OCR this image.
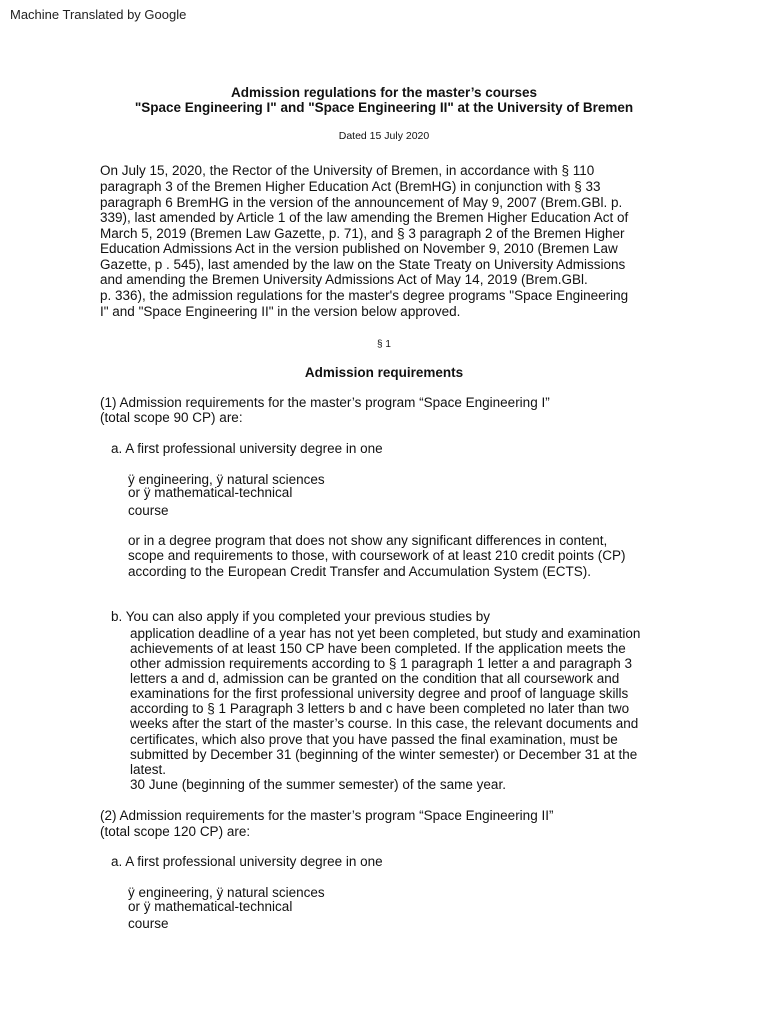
Machine Translated by Google
Admission regulations for the master’s courses
"Space Engineering I" and "Space Engineering II" at the University of Bremen
Dated 15 July 2020
On July 15, 2020, the Rector of the University of Bremen, in accordance with § 110
paragraph 3 of the Bremen Higher Education Act (BremHG) in conjunction with § 33
paragraph 6 BremHG in the version of the announcement of May 9, 2007 (Brem.GBl. p.
339), last amended by Article 1 of the law amending the Bremen Higher Education Act of
March 5, 2019 (Bremen Law Gazette, p. 71), and § 3 paragraph 2 of the Bremen Higher
Education Admissions Act in the version published on November 9, 2010 (Bremen Law
Gazette, p . 545), last amended by the law on the State Treaty on University Admissions
and amending the Bremen University Admissions Act of May 14, 2019 (Brem.GBl.
p. 336), the admission regulations for the master's degree programs "Space Engineering
I" and "Space Engineering II" in the version below approved.
§ 1
Admission requirements
(1) Admission requirements for the master’s program “Space Engineering I”
(total scope 90 CP) are:
a. A first professional university degree in one
ÿ engineering, ÿ natural sciences
or ÿ mathematical-technical
course
or in a degree program that does not show any significant differences in content,
scope and requirements to those, with coursework of at least 210 credit points (CP)
according to the European Credit Transfer and Accumulation System (ECTS).
b. You can also apply if you completed your previous studies by
application deadline of a year has not yet been completed, but study and examination
achievements of at least 150 CP have been completed. If the application meets the
other admission requirements according to § 1 paragraph 1 letter a and paragraph 3
letters a and d, admission can be granted on the condition that all coursework and
examinations for the first professional university degree and proof of language skills
according to § 1 Paragraph 3 letters b and c have been completed no later than two
weeks after the start of the master’s course. In this case, the relevant documents and
certificates, which also prove that you have passed the final examination, must be
submitted by December 31 (beginning of the winter semester) or December 31 at the
latest.
30 June (beginning of the summer semester) of the same year.
(2) Admission requirements for the master’s program “Space Engineering II”
(total scope 120 CP) are:
a. A first professional university degree in one
ÿ engineering, ÿ natural sciences
or ÿ mathematical-technical
course
